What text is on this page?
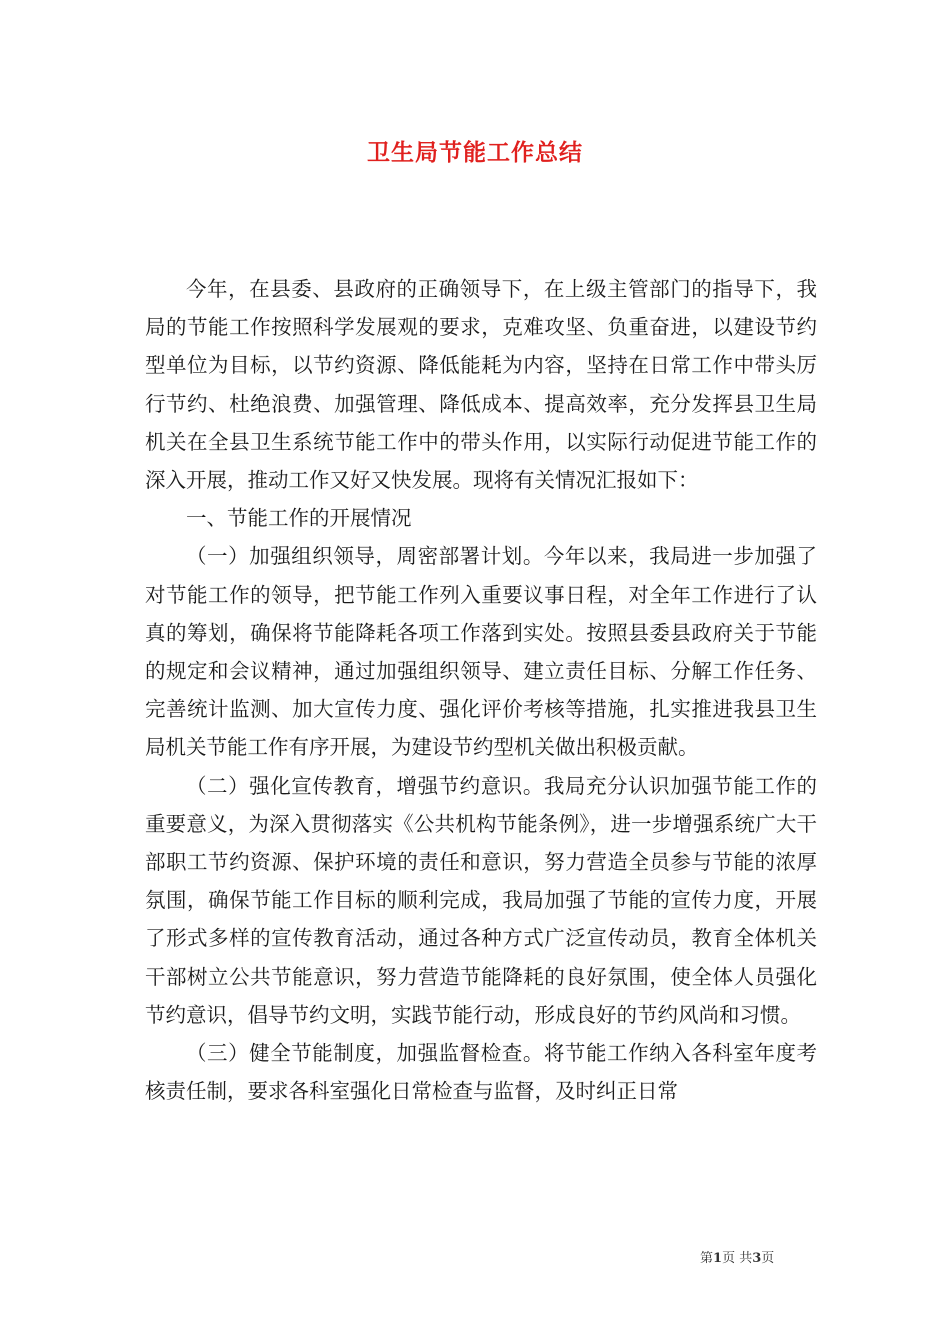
卫生局节能工作总结

今年，在县委、县政府的正确领导下，在上级主管部门的指导下，我局的节能工作按照科学发展观的要求，克难攻坚、负重奋进，以建设节约型单位为目标，以节约资源、降低能耗为内容，坚持在日常工作中带头厉行节约、杜绝浪费、加强管理、降低成本、提高效率，充分发挥县卫生局机关在全县卫生系统节能工作中的带头作用，以实际行动促进节能工作的深入开展，推动工作又好又快发展。现将有关情况汇报如下：

一、节能工作的开展情况

（一）加强组织领导，周密部署计划。今年以来，我局进一步加强了对节能工作的领导，把节能工作列入重要议事日程，对全年工作进行了认真的筹划，确保将节能降耗各项工作落到实处。按照县委县政府关于节能的规定和会议精神，通过加强组织领导、建立责任目标、分解工作任务、完善统计监测、加大宣传力度、强化评价考核等措施，扎实推进我县卫生局机关节能工作有序开展，为建设节约型机关做出积极贡献。

（二）强化宣传教育，增强节约意识。我局充分认识加强节能工作的重要意义，为深入贯彻落实《公共机构节能条例》，进一步增强系统广大干部职工节约资源、保护环境的责任和意识，努力营造全员参与节能的浓厚氛围，确保节能工作目标的顺利完成，我局加强了节能的宣传力度，开展了形式多样的宣传教育活动，通过各种方式广泛宣传动员，教育全体机关干部树立公共节能意识，努力营造节能降耗的良好氛围，使全体人员强化节约意识，倡导节约文明，实践节能行动，形成良好的节约风尚和习惯。

（三）健全节能制度，加强监督检查。将节能工作纳入各科室年度考核责任制，要求各科室强化日常检查与监督，及时纠正日常

第1页 共3页
